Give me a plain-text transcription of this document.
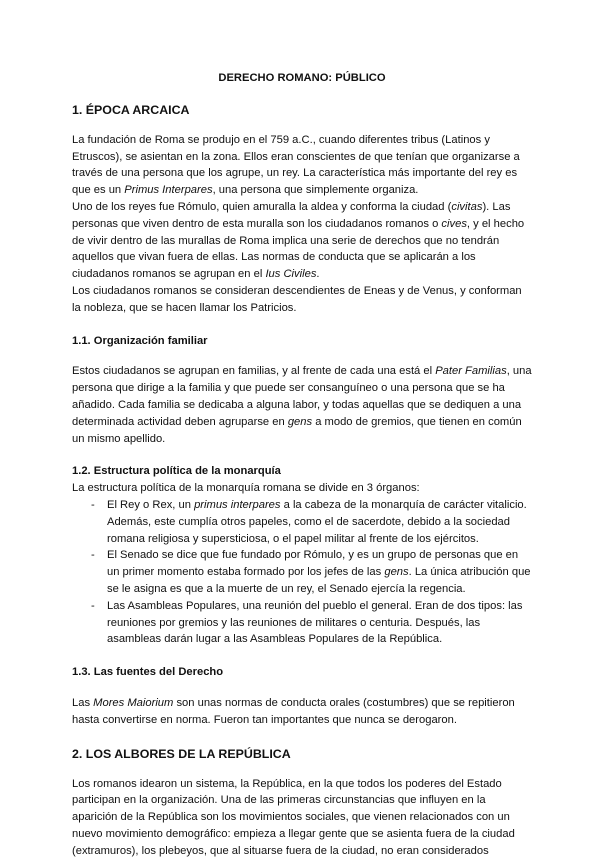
DERECHO ROMANO: PÚBLICO
1. ÉPOCA ARCAICA

La fundación de Roma se produjo en el 759 a.C., cuando diferentes tribus (Latinos y Etruscos), se asientan en la zona. Ellos eran conscientes de que tenían que organizarse a través de una persona que los agrupe, un rey. La característica más importante del rey es que es un Primus Interpares, una persona que simplemente organiza.

Uno de los reyes fue Rómulo, quien amuralla la aldea y conforma la ciudad (civitas). Las personas que viven dentro de esta muralla son los ciudadanos romanos o cives, y el hecho de vivir dentro de las murallas de Roma implica una serie de derechos que no tendrán aquellos que vivan fuera de ellas. Las normas de conducta que se aplicarán a los ciudadanos romanos se agrupan en el Ius Civiles.

Los ciudadanos romanos se consideran descendientes de Eneas y de Venus, y conforman la nobleza, que se hacen llamar los Patricios.

1.1. Organización familiar

Estos ciudadanos se agrupan en familias, y al frente de cada una está el Pater Familias, una persona que dirige a la familia y que puede ser consanguíneo o una persona que se ha añadido. Cada familia se dedicaba a alguna labor, y todas aquellas que se dediquen a una determinada actividad deben agruparse en gens a modo de gremios, que tienen en común un mismo apellido.

1.2. Estructura política de la monarquía

La estructura política de la monarquía romana se divide en 3 órganos:

- El Rey o Rex, un primus interpares a la cabeza de la monarquía de carácter vitalicio. Además, este cumplía otros papeles, como el de sacerdote, debido a la sociedad romana religiosa y supersticiosa, o el papel militar al frente de los ejércitos.
- El Senado se dice que fue fundado por Rómulo, y es un grupo de personas que en un primer momento estaba formado por los jefes de las gens. La única atribución que se le asigna es que a la muerte de un rey, el Senado ejercía la regencia.
- Las Asambleas Populares, una reunión del pueblo el general. Eran de dos tipos: las reuniones por gremios y las reuniones de militares o centuria. Después, las asambleas darán lugar a las Asambleas Populares de la República.
1.3. Las fuentes del Derecho

Las Mores Maiorium son unas normas de conducta orales (costumbres) que se repitieron hasta convertirse en norma. Fueron tan importantes que nunca se derogaron.

2. LOS ALBORES DE LA REPÚBLICA

Los romanos idearon un sistema, la República, en la que todos los poderes del Estado participan en la organización. Una de las primeras circunstancias que influyen en la aparición de la República son los movimientos sociales, que vienen relacionados con un nuevo movimiento demográfico: empieza a llegar gente que se asienta fuera de la ciudad (extramuros), los plebeyos, que al situarse fuera de la ciudad, no eran considerados
